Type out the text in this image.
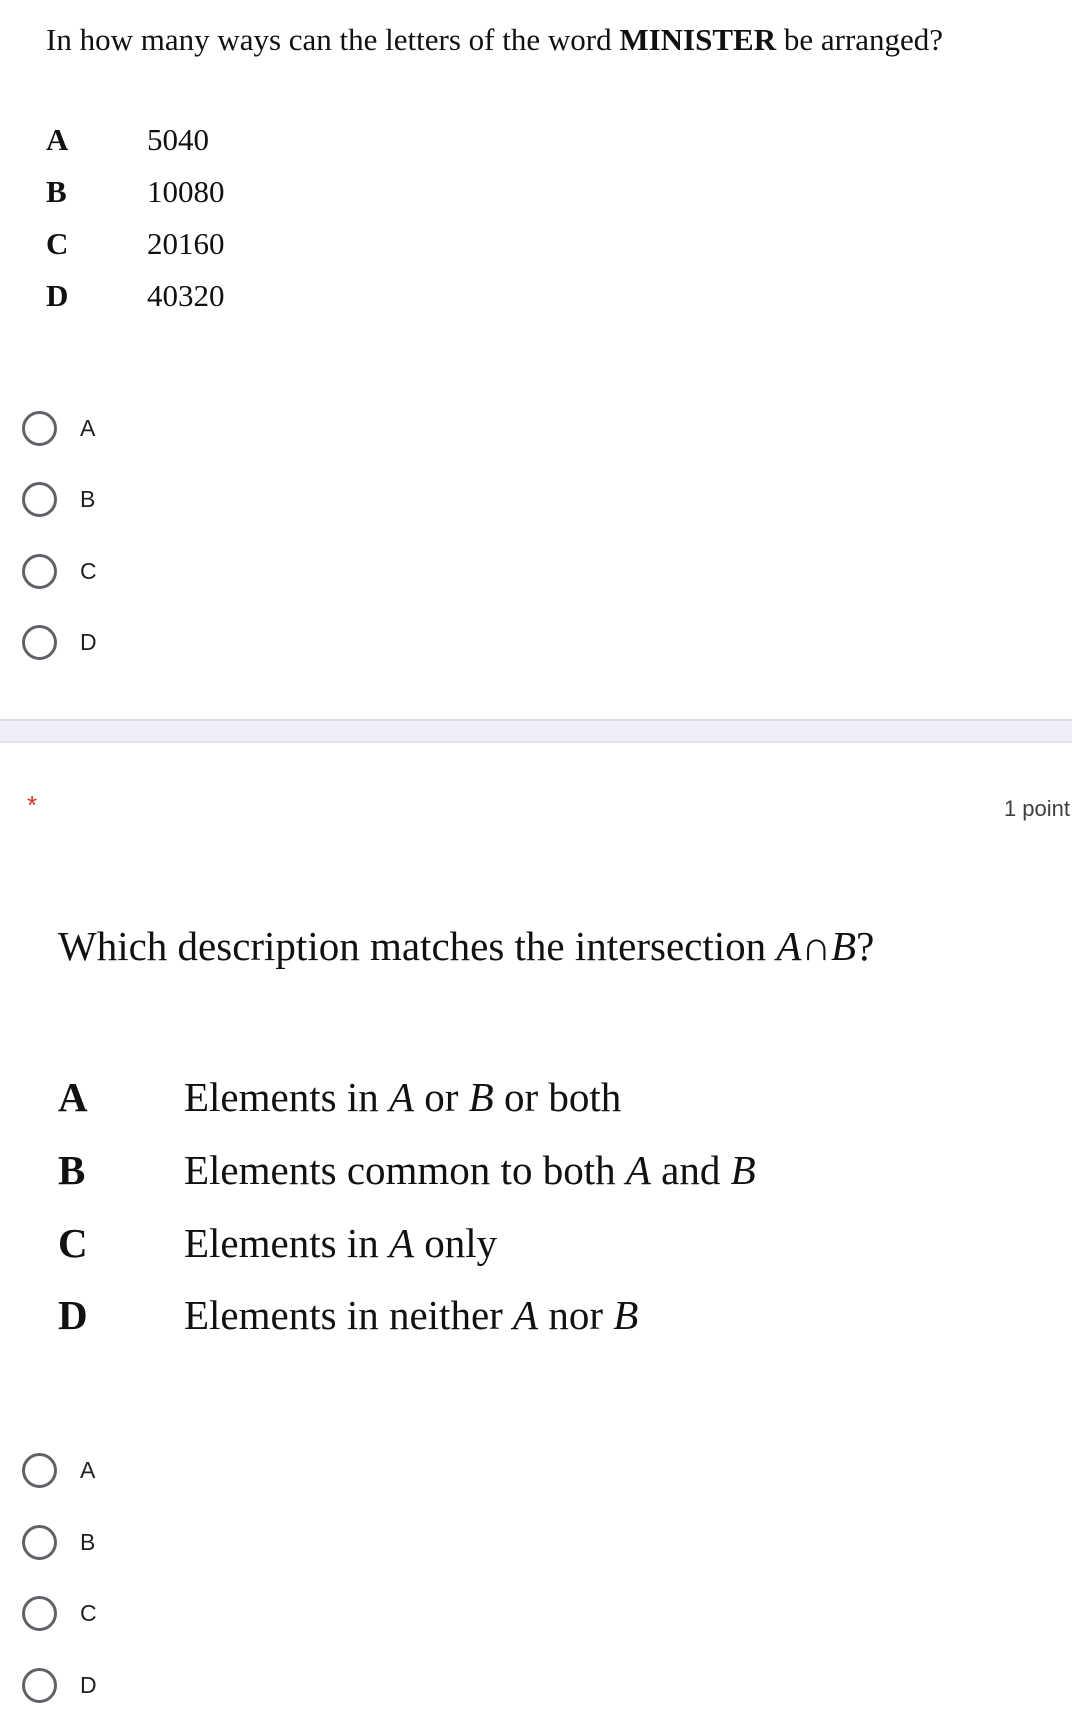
In how many ways can the letters of the word MINISTER be arranged?
A	5040
B	10080
C	20160
D	40320
A
B
C
D
*	1 point
Which description matches the intersection A∩B?
A Elements in A or B or both
B Elements common to both A and B
C Elements in A only
D Elements in neither A nor B
A
B
C
D
